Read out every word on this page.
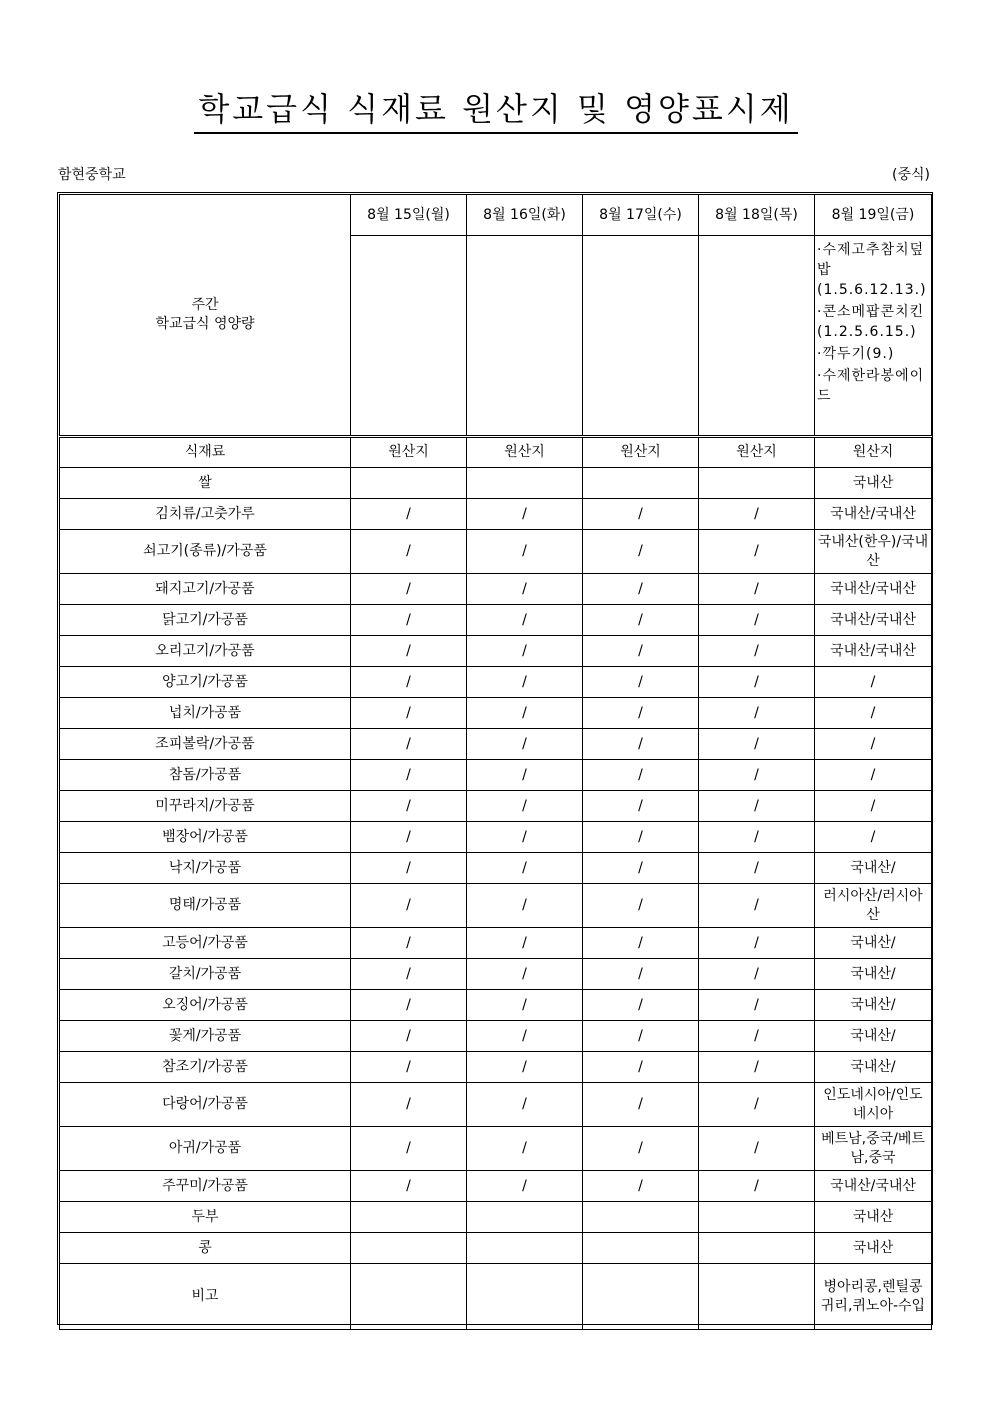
학교급식 식재료 원산지 및 영양표시제
함현중학교	(중식)
주간
학교급식 영양량	8월 15일(월)	8월 16일(화)	8월 17일(수)	8월 18일(목)	8월 19일(금)

					·수제고추참치덮밥(1.5.6.12.13.)
·콘소메팝콘치킨(1.2.5.6.15.)
·깍두기(9.)
·수제한라봉에이드

식재료	원산지	원산지	원산지	원산지	원산지
쌀					국내산
김치류/고춧가루	/	/	/	/	국내산/국내산
쇠고기(종류)/가공품	/	/	/	/	국내산(한우)/국내산
돼지고기/가공품	/	/	/	/	국내산/국내산
닭고기/가공품	/	/	/	/	국내산/국내산
오리고기/가공품	/	/	/	/	국내산/국내산
양고기/가공품	/	/	/	/	/
넙치/가공품	/	/	/	/	/
조피볼락/가공품	/	/	/	/	/
참돔/가공품	/	/	/	/	/
미꾸라지/가공품	/	/	/	/	/
뱀장어/가공품	/	/	/	/	/
낙지/가공품	/	/	/	/	국내산/
명태/가공품	/	/	/	/	러시아산/러시아산
고등어/가공품	/	/	/	/	국내산/
갈치/가공품	/	/	/	/	국내산/
오징어/가공품	/	/	/	/	국내산/
꽃게/가공품	/	/	/	/	국내산/
참조기/가공품	/	/	/	/	국내산/
다랑어/가공품	/	/	/	/	인도네시아/인도네시아
아귀/가공품	/	/	/	/	베트남,중국/베트남,중국
주꾸미/가공품	/	/	/	/	국내산/국내산
두부					국내산
콩					국내산
비고					병아리콩,렌틸콩귀리,퀴노아-수입
